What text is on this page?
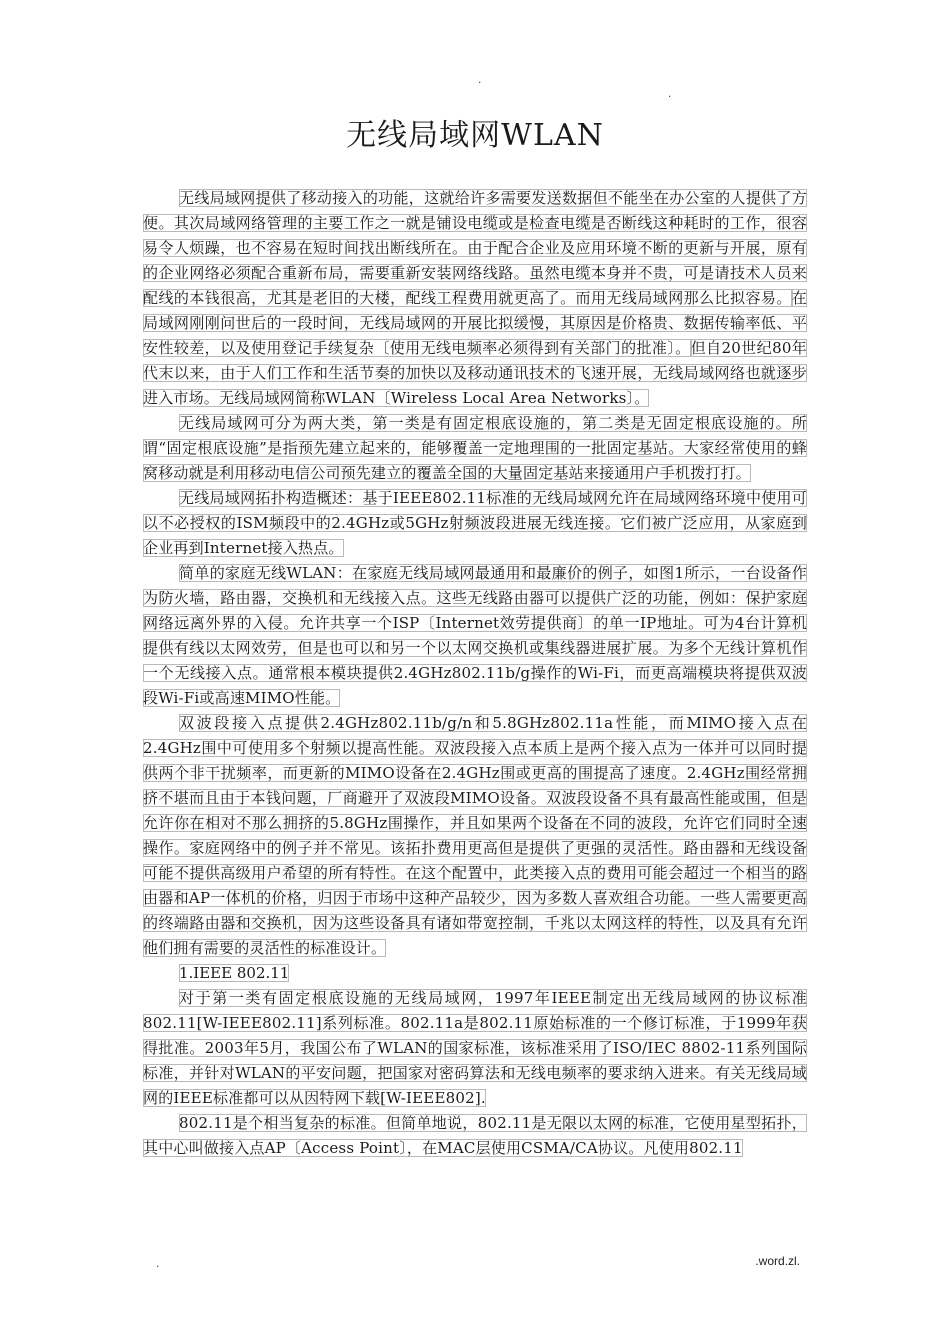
.
.
无线局域网WLAN

无线局域网提供了移动接入的功能，这就给许多需要发送数据但不能坐在办公室的人提供了方便。其次局域网络管理的主要工作之一就是铺设电缆或是检查电缆是否断线这种耗时的工作，很容易令人烦躁，也不容易在短时间找出断线所在。由于配合企业及应用环境不断的更新与开展，原有的企业网络必须配合重新布局，需要重新安装网络线路。虽然电缆本身并不贵，可是请技术人员来配线的本钱很高，尤其是老旧的大楼，配线工程费用就更高了。而用无线局域网那么比拟容易。在局域网刚刚问世后的一段时间，无线局域网的开展比拟缓慢，其原因是价格贵、数据传输率低、平安性较差，以及使用登记手续复杂〔使用无线电频率必须得到有关部门的批准〕。但自20世纪80年代末以来，由于人们工作和生活节奏的加快以及移动通讯技术的飞速开展，无线局域网络也就逐步进入市场。无线局域网简称WLAN〔Wireless Local Area Networks〕。

无线局域网可分为两大类，第一类是有固定根底设施的，第二类是无固定根底设施的。所谓“固定根底设施”是指预先建立起来的，能够覆盖一定地理围的一批固定基站。大家经常使用的蜂窝移动就是利用移动电信公司预先建立的覆盖全国的大量固定基站来接通用户手机拨打打。

无线局域网拓扑构造概述：基于IEEE802.11标准的无线局域网允许在局域网络环境中使用可以不必授权的ISM频段中的2.4GHz或5GHz射频波段进展无线连接。它们被广泛应用，从家庭到企业再到Internet接入热点。

简单的家庭无线WLAN：在家庭无线局域网最通用和最廉价的例子，如图1所示，一台设备作为防火墙，路由器，交换机和无线接入点。这些无线路由器可以提供广泛的功能，例如：保护家庭网络远离外界的入侵。允许共享一个ISP〔Internet效劳提供商〕的单一IP地址。可为4台计算机提供有线以太网效劳，但是也可以和另一个以太网交换机或集线器进展扩展。为多个无线计算机作一个无线接入点。通常根本模块提供2.4GHz802.11b/g操作的Wi-Fi，而更高端模块将提供双波段Wi-Fi或高速MIMO性能。

双波段接入点提供2.4GHz802.11b/g/n和5.8GHz802.11a性能，而MIMO接入点在2.4GHz围中可使用多个射频以提高性能。双波段接入点本质上是两个接入点为一体并可以同时提供两个非干扰频率，而更新的MIMO设备在2.4GHz围或更高的围提高了速度。2.4GHz围经常拥挤不堪而且由于本钱问题，厂商避开了双波段MIMO设备。双波段设备不具有最高性能或围，但是允许你在相对不那么拥挤的5.8GHz围操作，并且如果两个设备在不同的波段，允许它们同时全速操作。家庭网络中的例子并不常见。该拓扑费用更高但是提供了更强的灵活性。路由器和无线设备可能不提供高级用户希望的所有特性。在这个配置中，此类接入点的费用可能会超过一个相当的路由器和AP一体机的价格，归因于市场中这种产品较少，因为多数人喜欢组合功能。一些人需要更高的终端路由器和交换机，因为这些设备具有诸如带宽控制，千兆以太网这样的特性，以及具有允许他们拥有需要的灵活性的标准设计。

1.IEEE 802.11

对于第一类有固定根底设施的无线局域网，1997年IEEE制定出无线局域网的协议标准802.11[W-IEEE802.11]系列标准。802.11a是802.11原始标准的一个修订标准，于1999年获得批准。2003年5月，我国公布了WLAN的国家标准，该标准采用了ISO/IEC 8802-11系列国际标准，并针对WLAN的平安问题，把国家对密码算法和无线电频率的要求纳入进来。有关无线局域网的IEEE标准都可以从因特网下载[W-IEEE802].

802.11是个相当复杂的标准。但简单地说，802.11是无限以太网的标准，它使用星型拓扑，其中心叫做接入点AP〔Access Point〕，在MAC层使用CSMA/CA协议。凡使用802.11

.	.word.zl.
